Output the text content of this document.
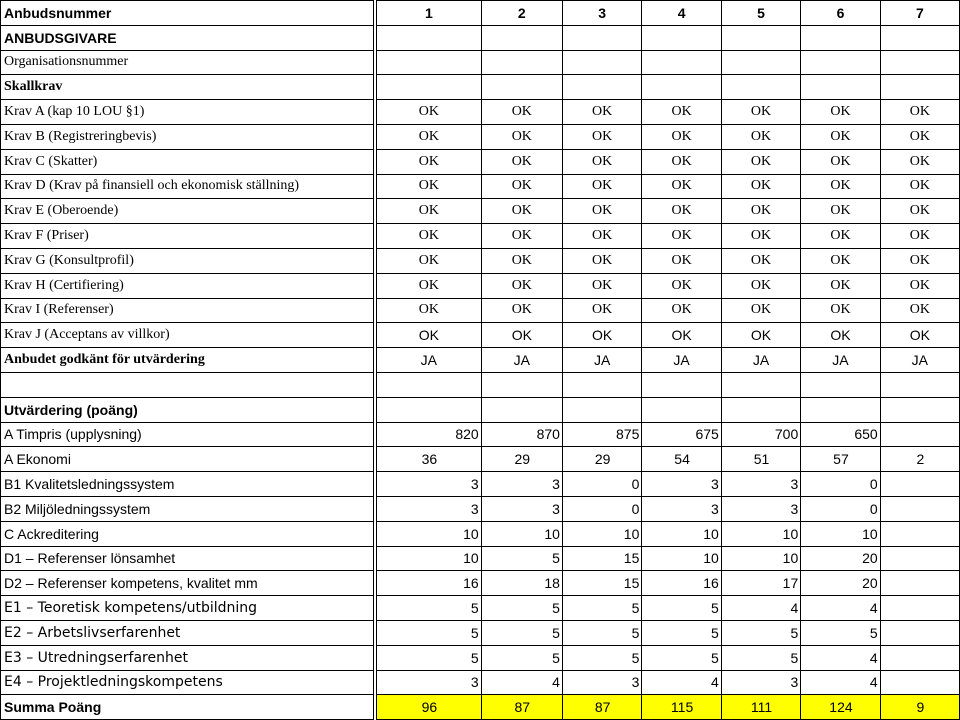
Anbudsnummer	1	2	3	4	5	6	7
ANBUDSGIVARE							
Organisationsnummer							
Skallkrav							
Krav A (kap 10 LOU §1)	OK	OK	OK	OK	OK	OK	OK
Krav B (Registreringbevis)	OK	OK	OK	OK	OK	OK	OK
Krav C (Skatter)	OK	OK	OK	OK	OK	OK	OK
Krav D (Krav på finansiell och ekonomisk ställning)	OK	OK	OK	OK	OK	OK	OK
Krav E (Oberoende)	OK	OK	OK	OK	OK	OK	OK
Krav F (Priser)	OK	OK	OK	OK	OK	OK	OK
Krav G (Konsultprofil)	OK	OK	OK	OK	OK	OK	OK
Krav H (Certifiering)	OK	OK	OK	OK	OK	OK	OK
Krav I (Referenser)	OK	OK	OK	OK	OK	OK	OK
Krav J (Acceptans av villkor)	OK	OK	OK	OK	OK	OK	OK
Anbudet godkänt för utvärdering	JA	JA	JA	JA	JA	JA	JA

Utvärdering (poäng)							
A Timpris (upplysning)	820	870	875	675	700	650	
A Ekonomi	36	29	29	54	51	57	2
B1 Kvalitetsledningssystem	3	3	0	3	3	0	
B2 Miljöledningssystem	3	3	0	3	3	0	
C Ackreditering	10	10	10	10	10	10	
D1 – Referenser lönsamhet	10	5	15	10	10	20	
D2 – Referenser kompetens, kvalitet mm	16	18	15	16	17	20	
E1 – Teoretisk kompetens/utbildning	5	5	5	5	4	4	
E2 – Arbetslivserfarenhet	5	5	5	5	5	5	
E3 – Utredningserfarenhet	5	5	5	5	5	4	
E4 – Projektledningskompetens	3	4	3	4	3	4	
Summa Poäng	96	87	87	115	111	124	9
